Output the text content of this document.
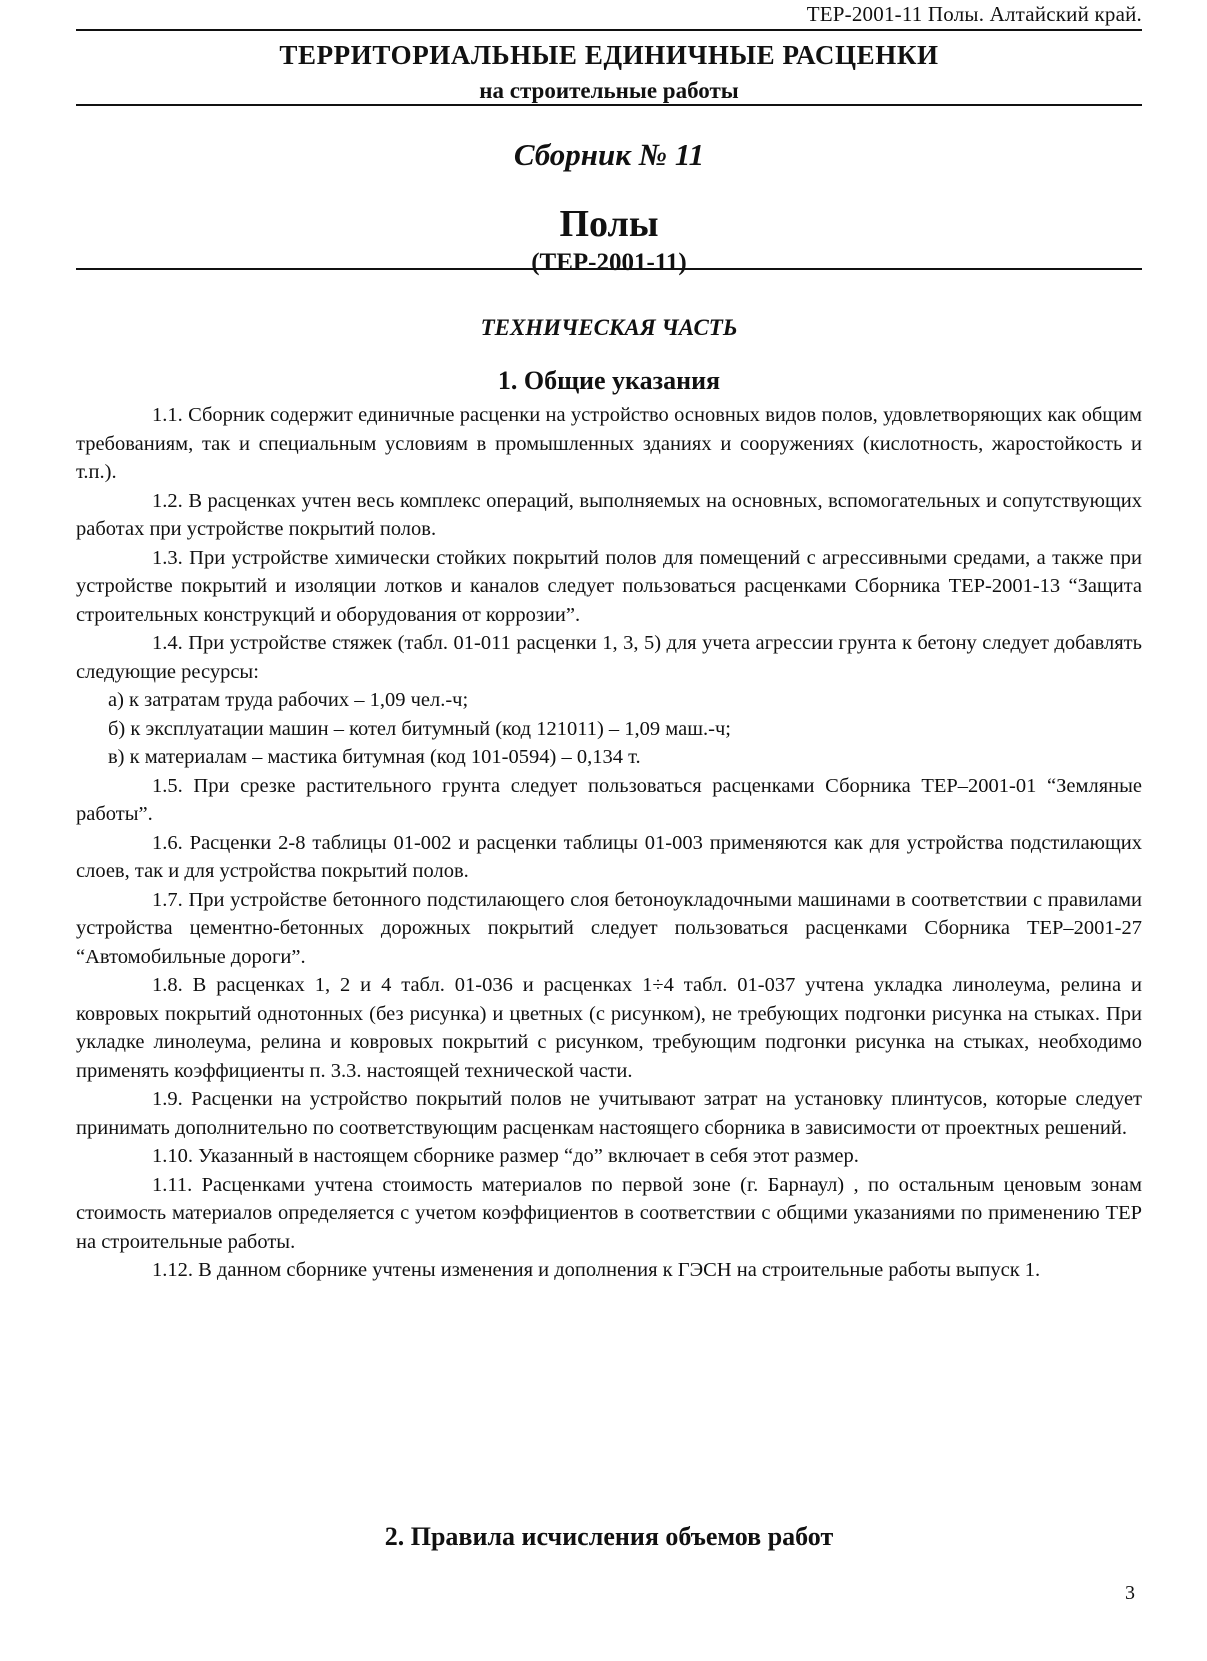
ТЕР-2001-11 Полы. Алтайский край.
ТЕРРИТОРИАЛЬНЫЕ ЕДИНИЧНЫЕ РАСЦЕНКИ
на строительные работы
Сборник № 11
Полы
(ТЕР-2001-11)
ТЕХНИЧЕСКАЯ ЧАСТЬ
1. Общие указания

1.1. Сборник содержит единичные расценки на устройство основных видов полов, удовлетворяющих как общим требованиям, так и специальным условиям в промышленных зданиях и сооружениях (кислотность, жаростойкость и т.п.).

1.2. В расценках учтен весь комплекс операций, выполняемых на основных, вспомогательных и сопутствующих работах при устройстве покрытий полов.

1.3. При устройстве химически стойких покрытий полов для помещений с агрессивными средами, а также при устройстве покрытий и изоляции лотков и каналов следует пользоваться расценками Сборника ТЕР-2001-13 “Защита строительных конструкций и оборудования от коррозии”.

1.4. При устройстве стяжек (табл. 01-011 расценки 1, 3, 5) для учета агрессии грунта к бетону следует добавлять следующие ресурсы:

а) к затратам труда рабочих – 1,09 чел.-ч;

б) к эксплуатации машин – котел битумный (код 121011) – 1,09 маш.-ч;

в) к материалам – мастика битумная (код 101-0594) – 0,134 т.

1.5. При срезке растительного грунта следует пользоваться расценками Сборника ТЕР–2001-01 “Земляные работы”.

1.6. Расценки 2-8 таблицы 01-002 и расценки таблицы 01-003 применяются как для устройства подстилающих слоев, так и для устройства покрытий полов.

1.7. При устройстве бетонного подстилающего слоя бетоноукладочными машинами в соответствии с правилами устройства цементно-бетонных дорожных покрытий следует пользоваться расценками Сборника ТЕР–2001-27 “Автомобильные дороги”.

1.8. В расценках 1, 2 и 4 табл. 01-036 и расценках 1÷4 табл. 01-037 учтена укладка линолеума, релина и ковровых покрытий однотонных (без рисунка) и цветных (с рисунком), не требующих подгонки рисунка на стыках. При укладке линолеума, релина и ковровых покрытий с рисунком, требующим подгонки рисунка на стыках, необходимо применять коэффициенты п. 3.3. настоящей технической части.

1.9. Расценки на устройство покрытий полов не учитывают затрат на установку плинтусов, которые следует принимать дополнительно по соответствующим расценкам настоящего сборника в зависимости от проектных решений.

1.10. Указанный в настоящем сборнике размер “до” включает в себя этот размер.

1.11. Расценками учтена стоимость материалов по первой зоне (г. Барнаул) , по остальным ценовым зонам стоимость материалов определяется с учетом коэффициентов в соответствии с общими указаниями по применению ТЕР на строительные работы.

1.12. В данном сборнике учтены изменения и дополнения к ГЭСН на строительные работы выпуск 1.

2. Правила исчисления объемов работ
3
